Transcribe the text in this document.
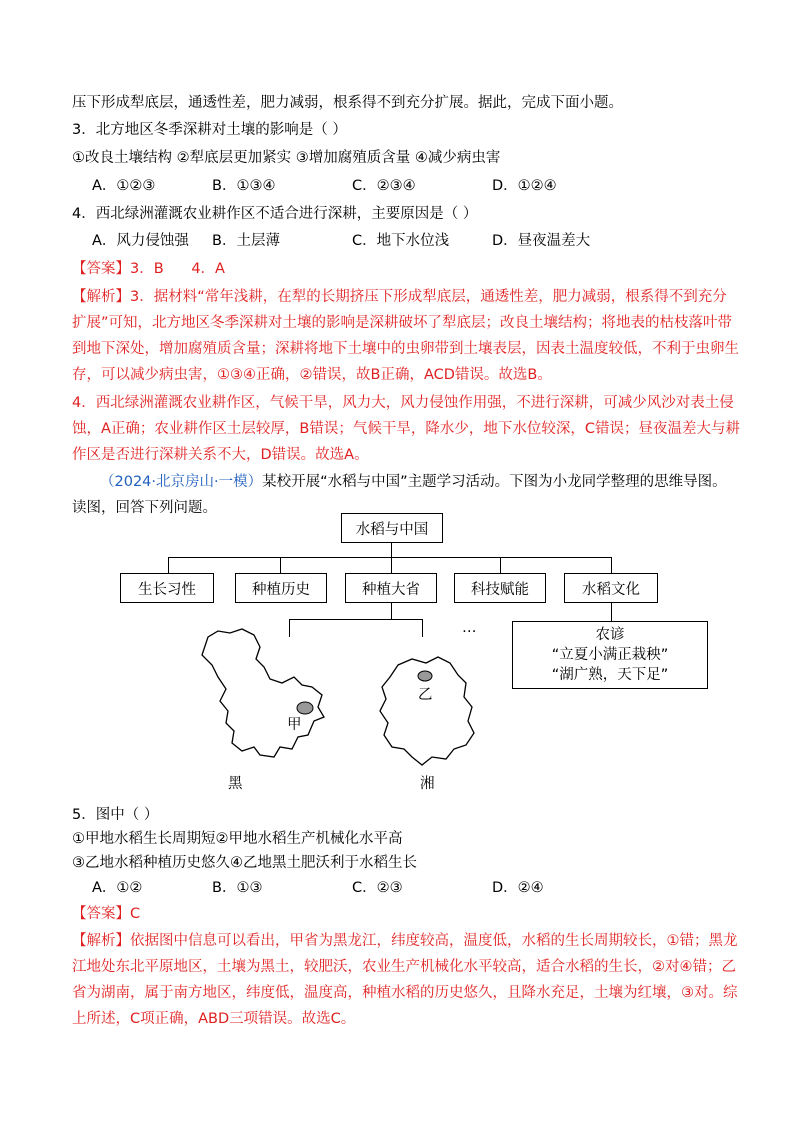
压下形成犁底层，通透性差，肥力减弱，根系得不到充分扩展。据此，完成下面小题。
3．北方地区冬季深耕对土壤的影响是（ ）
①改良土壤结构 ②犁底层更加紧实 ③增加腐殖质含量 ④减少病虫害
A．①②③	B．①③④	C．②③④	D．①②④
4．西北绿洲灌溉农业耕作区不适合进行深耕，主要原因是（ ）
A．风力侵蚀强 B．土层薄	C．地下水位浅	D．昼夜温差大
【答案】3．B      4．A
【解析】3．据材料“常年浅耕，在犁的长期挤压下形成犁底层，通透性差，肥力减弱，根系得不到充分
扩展”可知，北方地区冬季深耕对土壤的影响是深耕破坏了犁底层；改良土壤结构；将地表的枯枝落叶带
到地下深处，增加腐殖质含量；深耕将地下土壤中的虫卵带到土壤表层，因表土温度较低，不利于虫卵生
存，可以减少病虫害，①③④正确，②错误，故B正确，ACD错误。故选B。
4．西北绿洲灌溉农业耕作区，气候干旱，风力大，风力侵蚀作用强，不进行深耕，可减少风沙对表土侵
蚀，A正确；农业耕作区土层较厚，B错误；气候干旱，降水少，地下水位较深，C错误；昼夜温差大与耕
作区是否进行深耕关系不大，D错误。故选A。
（2024·北京房山·一模）某校开展“水稻与中国”主题学习活动。下图为小龙同学整理的思维导图。
读图，回答下列问题。
水稻与中国
生长习性	种植历史	种植大省	科技赋能	水稻文化
…	农谚
“立夏小满正栽秧”
“湖广熟，天下足”
甲
黑
乙
湘
5．图中（ ）
①甲地水稻生长周期短②甲地水稻生产机械化水平高
③乙地水稻种植历史悠久④乙地黑土肥沃利于水稻生长
A．①②	B．①③	C．②③	D．②④
【答案】C
【解析】依据图中信息可以看出，甲省为黑龙江，纬度较高，温度低，水稻的生长周期较长，①错；黑龙
江地处东北平原地区，土壤为黑土，较肥沃，农业生产机械化水平较高，适合水稻的生长，②对④错；乙
省为湖南，属于南方地区，纬度低，温度高，种植水稻的历史悠久，且降水充足，土壤为红壤，③对。综
上所述，C项正确，ABD三项错误。故选C。
